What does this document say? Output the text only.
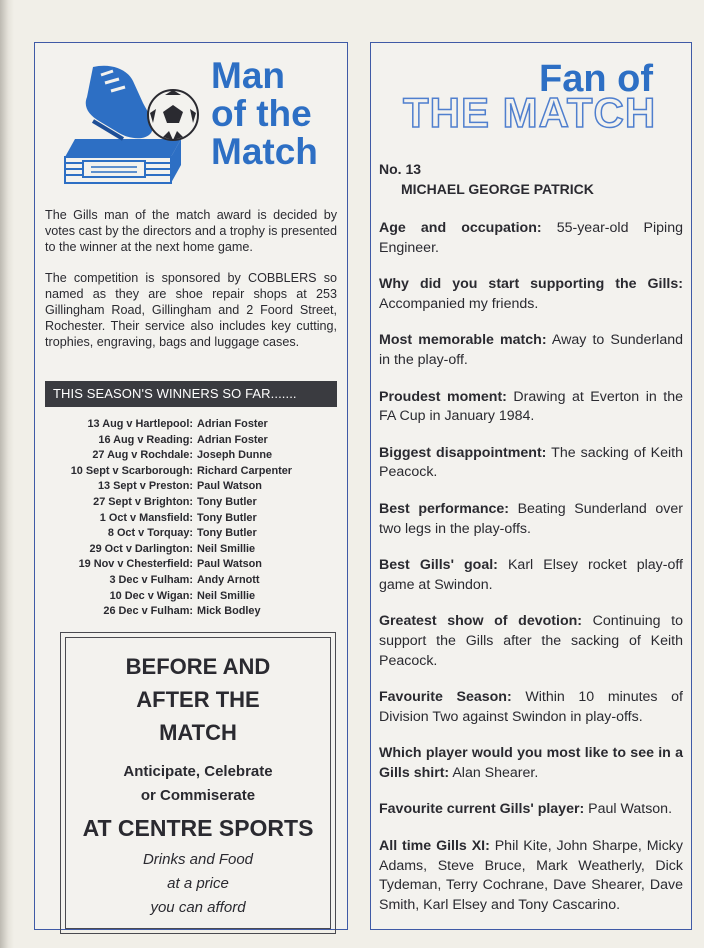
Man
of the
Match

The Gills man of the match award is decided by votes cast by the directors and a trophy is presented to the winner at the next home game.

The competition is sponsored by COBBLERS so named as they are shoe repair shops at 253 Gillingham Road, Gillingham and 2 Foord Street, Rochester. Their service also includes key cutting, trophies, engraving, bags and luggage cases.

THIS SEASON'S WINNERS SO FAR.......
13 Aug v Hartlepool: Adrian Foster
16 Aug v Reading: Adrian Foster
27 Aug v Rochdale: Joseph Dunne
10 Sept v Scarborough: Richard Carpenter
13 Sept v Preston: Paul Watson
27 Sept v Brighton: Tony Butler
1 Oct v Mansfield: Tony Butler
8 Oct v Torquay: Tony Butler
29 Oct v Darlington: Neil Smillie
19 Nov v Chesterfield: Paul Watson
3 Dec v Fulham: Andy Arnott
10 Dec v Wigan: Neil Smillie
26 Dec v Fulham: Mick Bodley
BEFORE AND
AFTER THE
MATCH
Anticipate, Celebrate
or Commiserate
AT CENTRE SPORTS
Drinks and Food
at a price
you can afford
Fan of
THE MATCH
No. 13
MICHAEL GEORGE PATRICK
Age and occupation: 55-year-old Piping Engineer.
Why did you start supporting the Gills: Accompanied my friends.
Most memorable match: Away to Sunderland in the play-off.
Proudest moment: Drawing at Everton in the FA Cup in January 1984.
Biggest disappointment: The sacking of Keith Peacock.
Best performance: Beating Sunderland over two legs in the play-offs.
Best Gills' goal: Karl Elsey rocket play-off game at Swindon.
Greatest show of devotion: Continuing to support the Gills after the sacking of Keith Peacock.
Favourite Season: Within 10 minutes of Division Two against Swindon in play-offs.
Which player would you most like to see in a Gills shirt: Alan Shearer.
Favourite current Gills' player: Paul Watson.
All time Gills XI: Phil Kite, John Sharpe, Micky Adams, Steve Bruce, Mark Weatherly, Dick Tydeman, Terry Cochrane, Dave Shearer, Dave Smith, Karl Elsey and Tony Cascarino.
